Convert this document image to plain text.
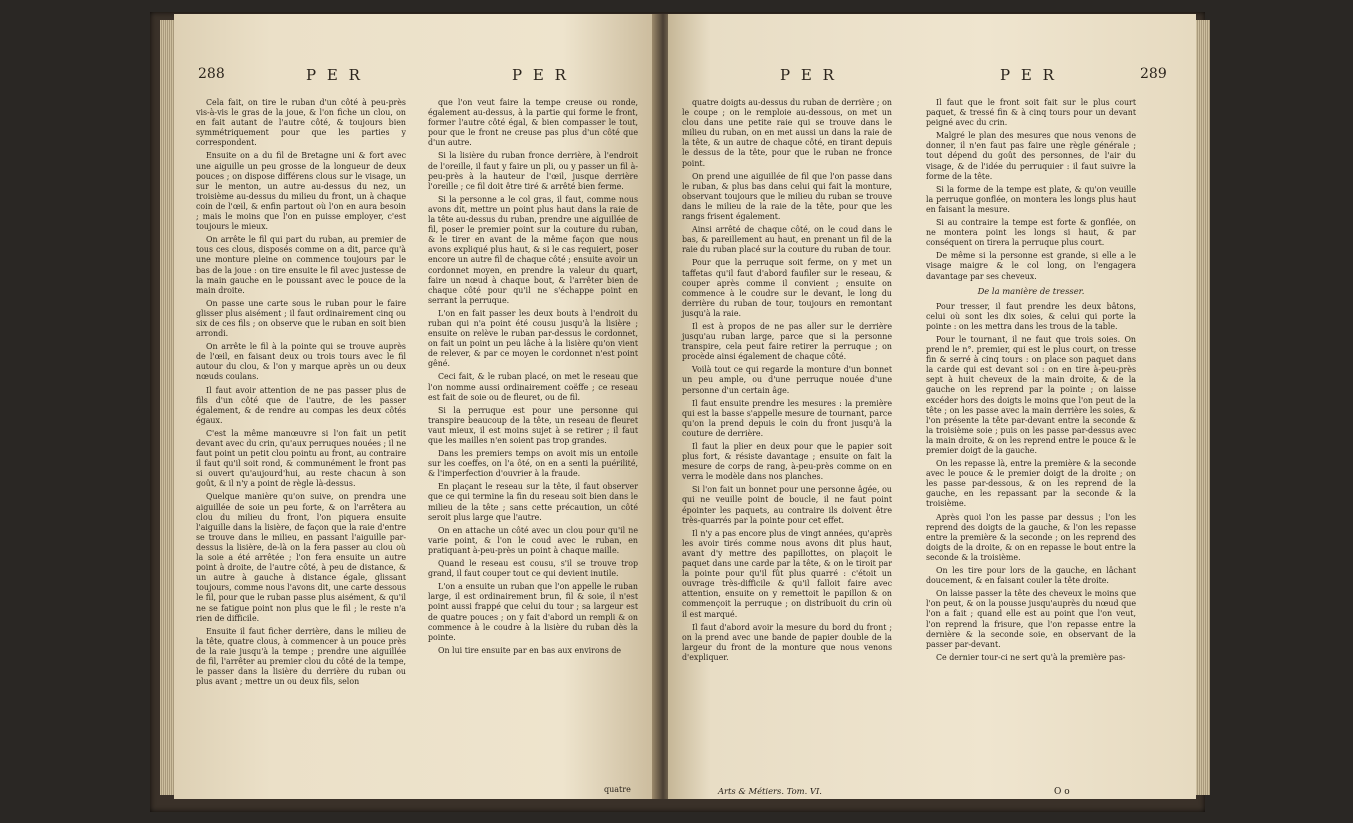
288	P E R	P E R

Cela fait, on tire le ruban d'un côté à peu-près vis-à-vis le gras de la joue, & l'on fiche un clou, on en fait autant de l'autre côté, & toujours bien symmétriquement pour que les parties y correspondent.

Ensuite on a du fil de Bretagne uni & fort avec une aiguille un peu grosse de la longueur de deux pouces ; on dispose différens clous sur le visage, un sur le menton, un autre au-dessus du nez, un troisième au-dessus du milieu du front, un à chaque coin de l'œil, & enfin partout où l'on en aura besoin ; mais le moins que l'on en puisse employer, c'est toujours le mieux.

On arrête le fil qui part du ruban, au premier de tous ces clous, disposés comme on a dit, parce qu'à une monture pleine on commence toujours par le bas de la joue : on tire ensuite le fil avec justesse de la main gauche en le poussant avec le pouce de la main droite.

On passe une carte sous le ruban pour le faire glisser plus aisément ; il faut ordinairement cinq ou six de ces fils ; on observe que le ruban en soit bien arrondi.

On arrête le fil à la pointe qui se trouve auprès de l'œil, en faisant deux ou trois tours avec le fil autour du clou, & l'on y marque après un ou deux nœuds coulans.

Il faut avoir attention de ne pas passer plus de fils d'un côté que de l'autre, de les passer également, & de rendre au compas les deux côtés égaux.

C'est la même manœuvre si l'on fait un petit devant avec du crin, qu'aux perruques nouées ; il ne faut point un petit clou pointu au front, au contraire il faut qu'il soit rond, & communément le front pas si ouvert qu'aujourd'hui, au reste chacun à son goût, & il n'y a point de règle là-dessus.

Quelque manière qu'on suive, on prendra une aiguillée de soie un peu forte, & on l'arrêtera au clou du milieu du front, l'on piquera ensuite l'aiguille dans la lisière, de façon que la raie d'entre se trouve dans le milieu, en passant l'aiguille par-dessus la lisière, de-là on la fera passer au clou où la soie a été arrêtée ; l'on fera ensuite un autre point à droite, de l'autre côté, à peu de distance, & un autre à gauche à distance égale, glissant toujours, comme nous l'avons dit, une carte dessous le fil, pour que le ruban passe plus aisément, & qu'il ne se fatigue point non plus que le fil ; le reste n'a rien de difficile.

Ensuite il faut ficher derrière, dans le milieu de la tête, quatre clous, à commencer à un pouce près de la raie jusqu'à la tempe ; prendre une aiguillée de fil, l'arrêter au premier clou du côté de la tempe, le passer dans la lisière du derrière du ruban ou plus avant ; mettre un ou deux fils, selon

que l'on veut faire la tempe creuse ou ronde, également au-dessus, à la partie qui forme le front, former l'autre côté égal, & bien compasser le tout, pour que le front ne creuse pas plus d'un côté que d'un autre.

Si la lisière du ruban fronce derrière, à l'endroit de l'oreille, il faut y faire un pli, ou y passer un fil à-peu-près à la hauteur de l'œil, jusque derrière l'oreille ; ce fil doit être tiré & arrêté bien ferme.

Si la personne a le col gras, il faut, comme nous avons dit, mettre un point plus haut dans la raie de la tête au-dessus du ruban, prendre une aiguillée de fil, poser le premier point sur la couture du ruban, & le tirer en avant de la même façon que nous avons expliqué plus haut, & si le cas requiert, poser encore un autre fil de chaque côté ; ensuite avoir un cordonnet moyen, en prendre la valeur du quart, faire un nœud à chaque bout, & l'arrêter bien de chaque côté pour qu'il ne s'échappe point en serrant la perruque.

L'on en fait passer les deux bouts à l'endroit du ruban qui n'a point été cousu jusqu'à la lisière ; ensuite on relève le ruban par-dessus le cordonnet, on fait un point un peu lâche à la lisière qu'on vient de relever, & par ce moyen le cordonnet n'est point gêné.

Ceci fait, & le ruban placé, on met le reseau que l'on nomme aussi ordinairement coëffe ; ce reseau est fait de soie ou de fleuret, ou de fil.

Si la perruque est pour une personne qui transpire beaucoup de la tête, un reseau de fleuret vaut mieux, il est moins sujet à se retirer ; il faut que les mailles n'en soient pas trop grandes.

Dans les premiers temps on avoit mis un entoile sur les coeffes, on l'a ôté, on en a senti la puérilité, & l'imperfection d'ouvrier à la fraude.

En plaçant le reseau sur la tête, il faut observer que ce qui termine la fin du reseau soit bien dans le milieu de la tête ; sans cette précaution, un côté seroit plus large que l'autre.

On en attache un côté avec un clou pour qu'il ne varie point, & l'on le coud avec le ruban, en pratiquant à-peu-près un point à chaque maille.

Quand le reseau est cousu, s'il se trouve trop grand, il faut couper tout ce qui devient inutile.

L'on a ensuite un ruban que l'on appelle le ruban large, il est ordinairement brun, fil & soie, il n'est point aussi frappé que celui du tour ; sa largeur est de quatre pouces ; on y fait d'abord un rempli & on commence à le coudre à la lisière du ruban dès la pointe.

On lui tire ensuite par en bas aux environs de

quatre
P E R	P E R	289

quatre doigts au-dessus du ruban de derrière ; on le coupe ; on le remploie au-dessous, on met un clou dans une petite raie qui se trouve dans le milieu du ruban, on en met aussi un dans la raie de la tête, & un autre de chaque côté, en tirant depuis le dessus de la tête, pour que le ruban ne fronce point.

On prend une aiguillée de fil que l'on passe dans le ruban, & plus bas dans celui qui fait la monture, observant toujours que le milieu du ruban se trouve dans le milieu de la raie de la tête, pour que les rangs frisent également.

Ainsi arrêté de chaque côté, on le coud dans le bas, & pareillement au haut, en prenant un fil de la raie du ruban placé sur la couture du ruban de tour.

Pour que la perruque soit ferme, on y met un taffetas qu'il faut d'abord faufiler sur le reseau, & couper après comme il convient ; ensuite on commence à le coudre sur le devant, le long du derrière du ruban de tour, toujours en remontant jusqu'à la raie.

Il est à propos de ne pas aller sur le derrière jusqu'au ruban large, parce que si la personne transpire, cela peut faire retirer la perruque ; on procède ainsi également de chaque côté.

Voilà tout ce qui regarde la monture d'un bonnet un peu ample, ou d'une perruque nouée d'une personne d'un certain âge.

Il faut ensuite prendre les mesures : la première qui est la basse s'appelle mesure de tournant, parce qu'on la prend depuis le coin du front jusqu'à la couture de derrière.

Il faut la plier en deux pour que le papier soit plus fort, & résiste davantage ; ensuite on fait la mesure de corps de rang, à-peu-près comme on en verra le modèle dans nos planches.

Si l'on fait un bonnet pour une personne âgée, ou qui ne veuille point de boucle, il ne faut point épointer les paquets, au contraire ils doivent être très-quarrés par la pointe pour cet effet.

Il n'y a pas encore plus de vingt années, qu'après les avoir tirés comme nous avons dit plus haut, avant d'y mettre des papillottes, on plaçoit le paquet dans une carde par la tête, & on le tiroit par la pointe pour qu'il fût plus quarré : c'étoit un ouvrage très-difficile & qu'il falloit faire avec attention, ensuite on y remettoit le papillon & on commençoit la perruque ; on distribuoit du crin où il est marqué.

Il faut d'abord avoir la mesure du bord du front ; on la prend avec une bande de papier double de la largeur du front de la monture que nous venons d'expliquer.

Arts & Métiers. Tom. VI.

Il faut que le front soit fait sur le plus court paquet, & tressé fin & à cinq tours pour un devant peigné avec du crin.

Malgré le plan des mesures que nous venons de donner, il n'en faut pas faire une règle générale ; tout dépend du goût des personnes, de l'air du visage, & de l'idée du perruquier : il faut suivre la forme de la tête.

Si la forme de la tempe est plate, & qu'on veuille la perruque gonflée, on montera les longs plus haut en faisant la mesure.

Si au contraire la tempe est forte & gonflée, on ne montera point les longs si haut, & par conséquent on tirera la perruque plus court.

De même si la personne est grande, si elle a le visage maigre & le col long, on l'engagera davantage par ses cheveux.

De la manière de tresser.

Pour tresser, il faut prendre les deux bâtons, celui où sont les dix soies, & celui qui porte la pointe : on les mettra dans les trous de la table.

Pour le tournant, il ne faut que trois soies. On prend le n°. premier, qui est le plus court, on tresse fin & serré à cinq tours : on place son paquet dans la carde qui est devant soi : on en tire à-peu-près sept à huit cheveux de la main droite, & de la gauche on les reprend par la pointe ; on laisse excéder hors des doigts le moins que l'on peut de la tête ; on les passe avec la main derrière les soies, & l'on présente la tête par-devant entre la seconde & la troisième soie ; puis on les passe par-dessus avec la main droite, & on les reprend entre le pouce & le premier doigt de la gauche.

On les repasse là, entre la première & la seconde avec le pouce & le premier doigt de la droite ; on les passe par-dessous, & on les reprend de la gauche, en les repassant par la seconde & la troisième.

Après quoi l'on les passe par dessus ; l'on les reprend des doigts de la gauche, & l'on les repasse entre la première & la seconde ; on les reprend des doigts de la droite, & on en repasse le bout entre la seconde & la troisième.

On les tire pour lors de la gauche, en lâchant doucement, & en faisant couler la tête droite.

On laisse passer la tête des cheveux le moins que l'on peut, & on la pousse jusqu'auprès du nœud que l'on a fait ; quand elle est au point que l'on veut, l'on reprend la frisure, que l'on repasse entre la dernière & la seconde soie, en observant de la passer par-devant.

Ce dernier tour-ci ne sert qu'à la première pas-

O o
